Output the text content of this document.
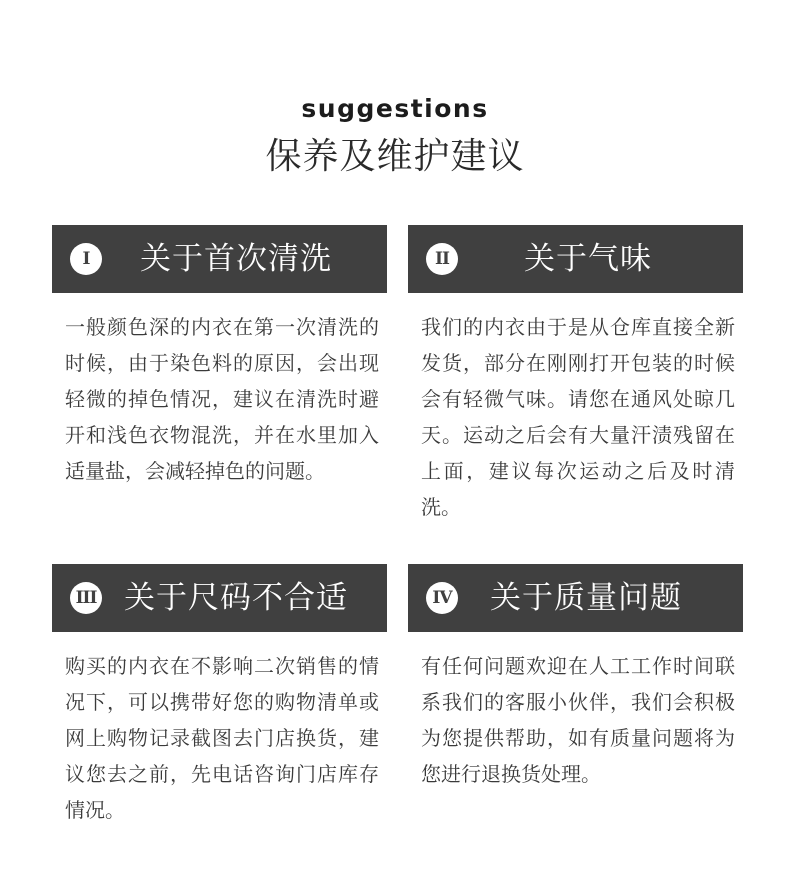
suggestions
保养及维护建议
I	关于首次清洗
一般颜色深的内衣在第一次清洗的时候，由于染色料的原因，会出现轻微的掉色情况，建议在清洗时避开和浅色衣物混洗，并在水里加入适量盐，会减轻掉色的问题。
II 关于气味
我们的内衣由于是从仓库直接全新发货，部分在刚刚打开包装的时候会有轻微气味。请您在通风处晾几天。运动之后会有大量汗渍残留在上面，建议每次运动之后及时清洗。
III 关于尺码不合适
购买的内衣在不影响二次销售的情况下，可以携带好您的购物清单或网上购物记录截图去门店换货，建议您去之前，先电话咨询门店库存情况。
IV 关于质量问题
有任何问题欢迎在人工工作时间联系我们的客服小伙伴，我们会积极为您提供帮助，如有质量问题将为您进行退换货处理。
